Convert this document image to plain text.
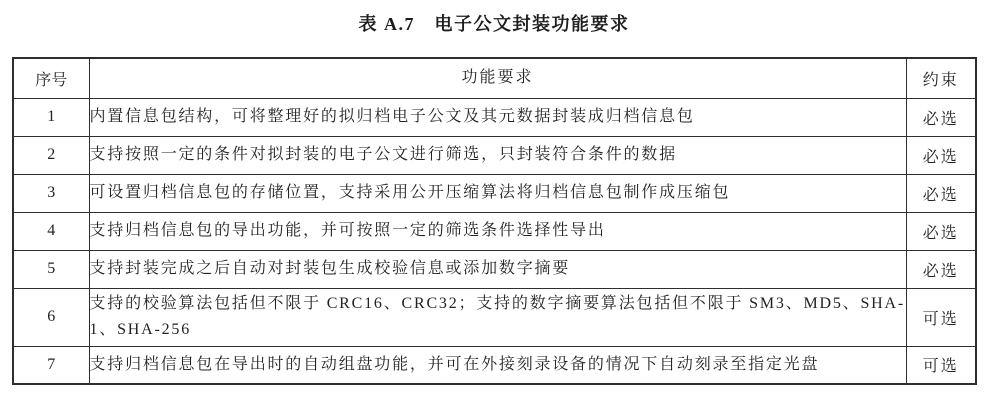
表 A.7　电子公文封装功能要求
序号	功能要求	约束
1	内置信息包结构，可将整理好的拟归档电子公文及其元数据封装成归档信息包	必选
2	支持按照一定的条件对拟封装的电子公文进行筛选，只封装符合条件的数据	必选
3	可设置归档信息包的存储位置，支持采用公开压缩算法将归档信息包制作成压缩包	必选
4	支持归档信息包的导出功能，并可按照一定的筛选条件选择性导出	必选
5	支持封装完成之后自动对封装包生成校验信息或添加数字摘要	必选
6	支持的校验算法包括但不限于 CRC16、CRC32；支持的数字摘要算法包括但不限于 SM3、MD5、SHA-1、SHA-256	可选
7	支持归档信息包在导出时的自动组盘功能，并可在外接刻录设备的情况下自动刻录至指定光盘	可选
